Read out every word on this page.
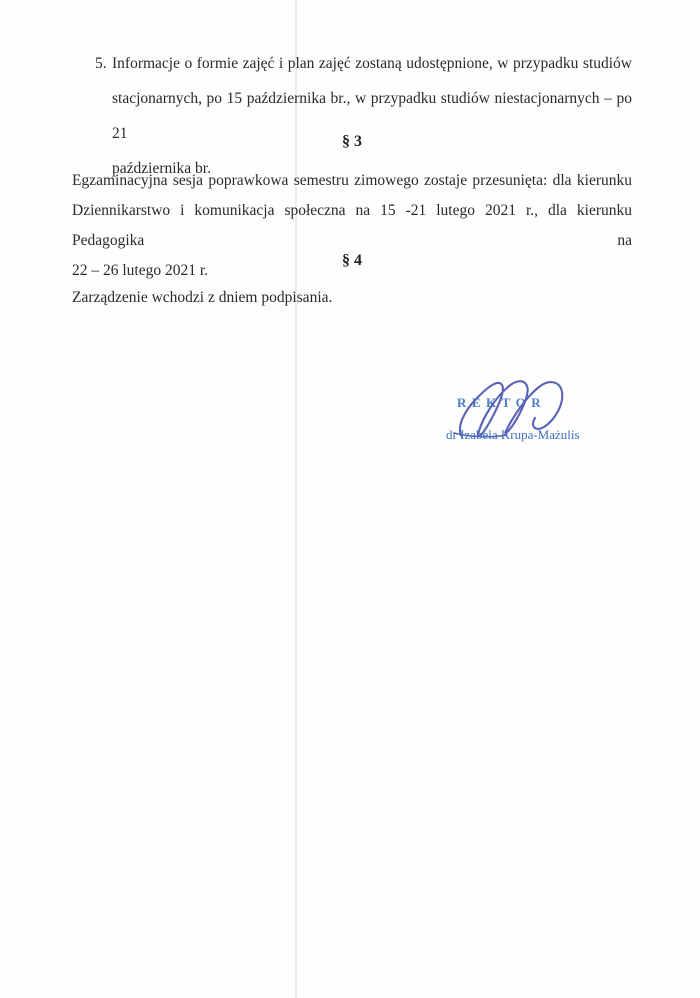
5. Informacje o formie zajęć i plan zajęć zostaną udostępnione, w przypadku studiów
stacjonarnych, po 15 października br., w przypadku studiów niestacjonarnych – po 21
października br.
§ 3
Egzaminacyjna sesja poprawkowa semestru zimowego zostaje przesunięta: dla kierunku
Dziennikarstwo i komunikacja społeczna na 15 -21 lutego 2021 r., dla kierunku Pedagogika na
22 – 26 lutego 2021 r.
§ 4
Zarządzenie wchodzi z dniem podpisania.
REKTOR
dr Izabela Krupa-Mażulis
